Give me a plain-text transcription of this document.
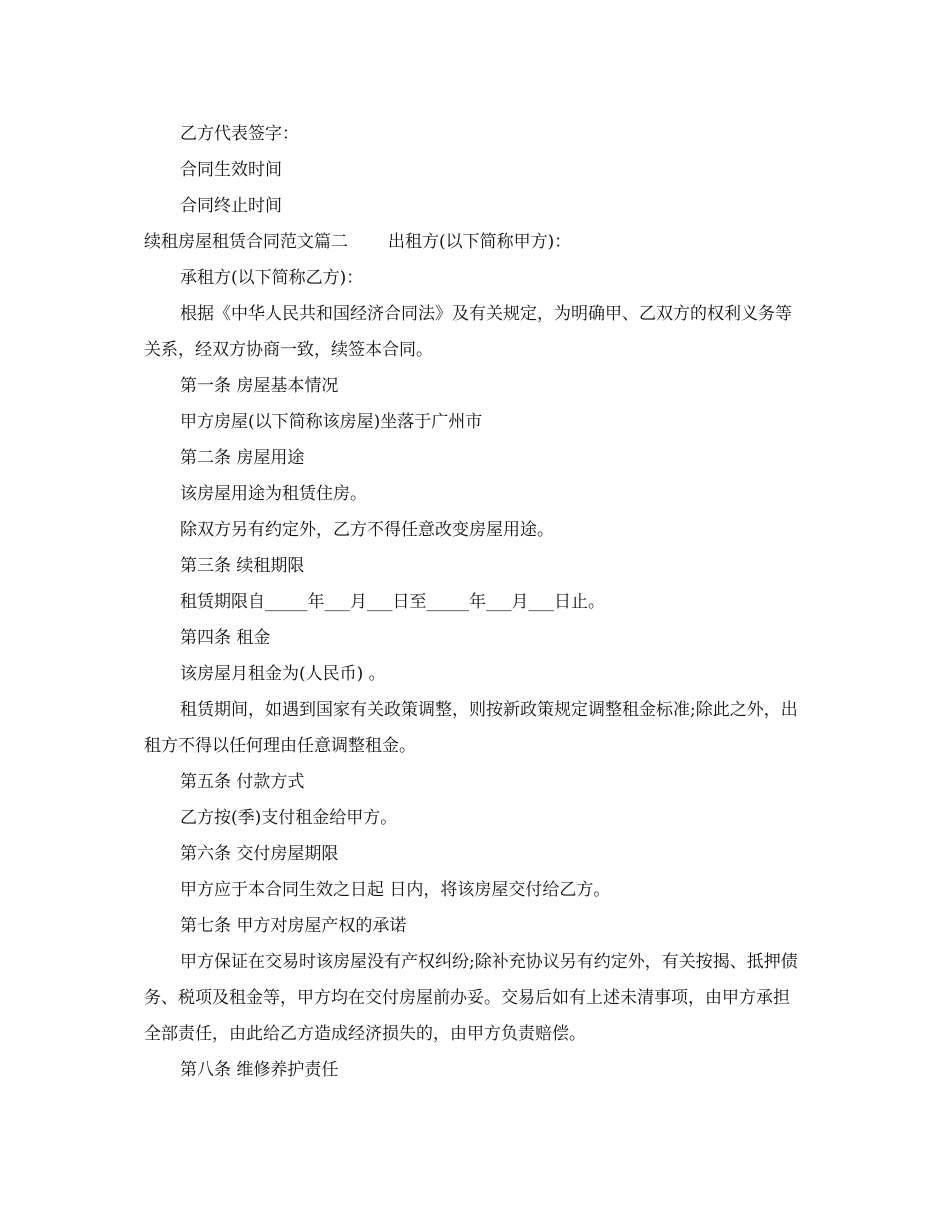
乙方代表签字：

合同生效时间

合同终止时间

续租房屋租赁合同范文篇二 出租方(以下简称甲方)：

承租方(以下简称乙方)：

根据《中华人民共和国经济合同法》及有关规定，为明确甲、乙双方的权利义务等关系，经双方协商一致，续签本合同。

第一条 房屋基本情况

甲方房屋(以下简称该房屋)坐落于广州市

第二条 房屋用途

该房屋用途为租赁住房。

除双方另有约定外，乙方不得任意改变房屋用途。

第三条 续租期限

租赁期限自_____年___月___日至_____年___月___日止。

第四条 租金

该房屋月租金为(人民币) 。

租赁期间，如遇到国家有关政策调整，则按新政策规定调整租金标准;除此之外，出租方不得以任何理由任意调整租金。

第五条 付款方式

乙方按(季)支付租金给甲方。

第六条 交付房屋期限

甲方应于本合同生效之日起 日内，将该房屋交付给乙方。

第七条 甲方对房屋产权的承诺

甲方保证在交易时该房屋没有产权纠纷;除补充协议另有约定外，有关按揭、抵押债务、税项及租金等，甲方均在交付房屋前办妥。交易后如有上述未清事项，由甲方承担全部责任，由此给乙方造成经济损失的，由甲方负责赔偿。

第八条 维修养护责任
